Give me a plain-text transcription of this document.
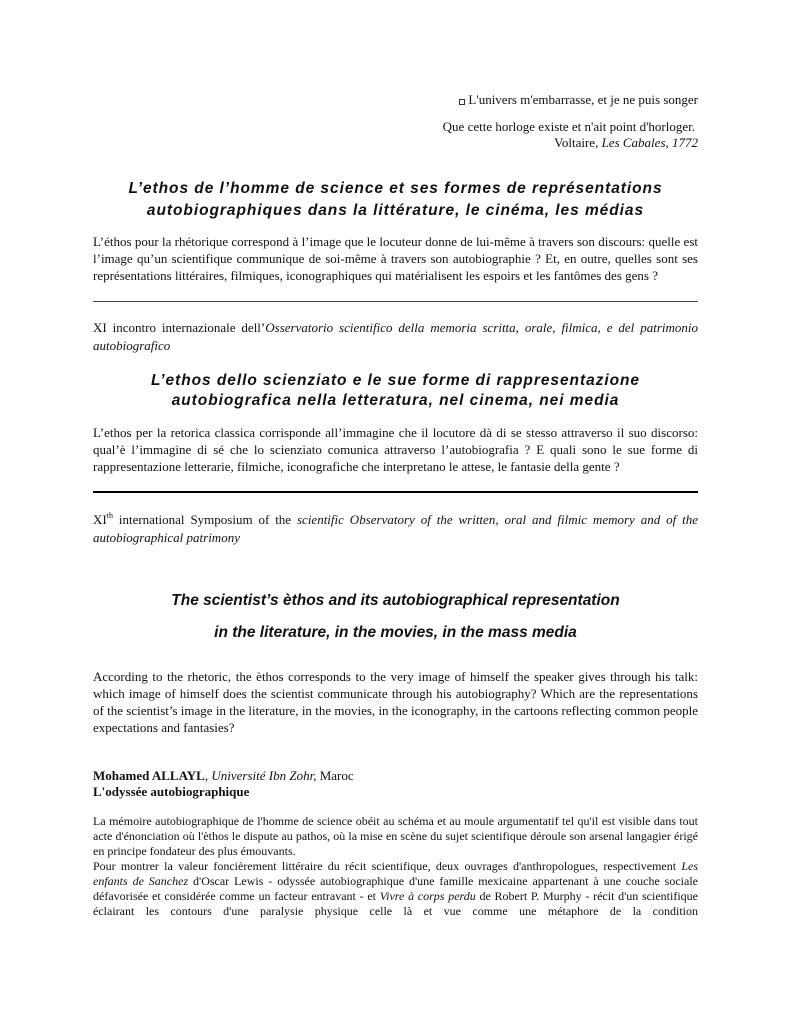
L'univers m'embarrasse, et je ne puis songer
Que cette horloge existe et n'ait point d'horloger.
Voltaire, Les Cabales, 1772
L’ethos de l’homme de science et ses formes de représentations
autobiographiques dans la littérature, le cinéma, les médias
L’éthos pour la rhétorique correspond à l’image que le locuteur donne de lui-même à travers son discours: quelle est l’image qu’un scientifique communique de soi-même à travers son autobiographie ? Et, en outre, quelles sont ses représentations littéraires, filmiques, iconographiques qui matérialisent les espoirs et les fantômes des gens ?
XI incontro internazionale dell’Osservatorio scientifico della memoria scritta, orale, filmica, e del patrimonio autobiografico
L’ethos dello scienziato e le sue forme di rappresentazione
autobiografica nella letteratura, nel cinema, nei media
L’ethos per la retorica classica corrisponde all’immagine che il locutore dà di se stesso attraverso il suo discorso: qual’è l’immagine di sé che lo scienziato comunica attraverso l’autobiografia ? E quali sono le sue forme di rappresentazione letterarie, filmiche, iconografiche che interpretano le attese, le fantasie della gente ?
XIth international Symposium of the scientific Observatory of the written, oral and filmic memory and of the autobiographical patrimony
The scientist’s èthos and its autobiographical representation
in the literature, in the movies, in the mass media
According to the rhetoric, the èthos corresponds to the very image of himself the speaker gives through his talk: which image of himself does the scientist communicate through his autobiography? Which are the representations of the scientist’s image in the literature, in the movies, in the iconography, in the cartoons reflecting common people expectations and fantasies?
Mohamed ALLAYL, Université Ibn Zohr, Maroc
L'odyssée autobiographique

La mémoire autobiographique de l'homme de science obéit au schéma et au moule argumentatif tel qu'il est visible dans tout acte d'énonciation où l'èthos le dispute au pathos, où la mise en scène du sujet scientifique déroule son arsenal langagier érigé en principe fondateur des plus émouvants.

Pour montrer la valeur foncièrement littéraire du récit scientifique, deux ouvrages d'anthropologues, respectivement Les enfants de Sanchez d'Oscar Lewis - odyssée autobiographique d'une famille mexicaine appartenant à une couche sociale défavorisée et considérée comme un facteur entravant - et Vivre à corps perdu de Robert P. Murphy - récit d'un scientifique éclairant les contours d'une paralysie physique celle là et vue comme une métaphore de la condition
